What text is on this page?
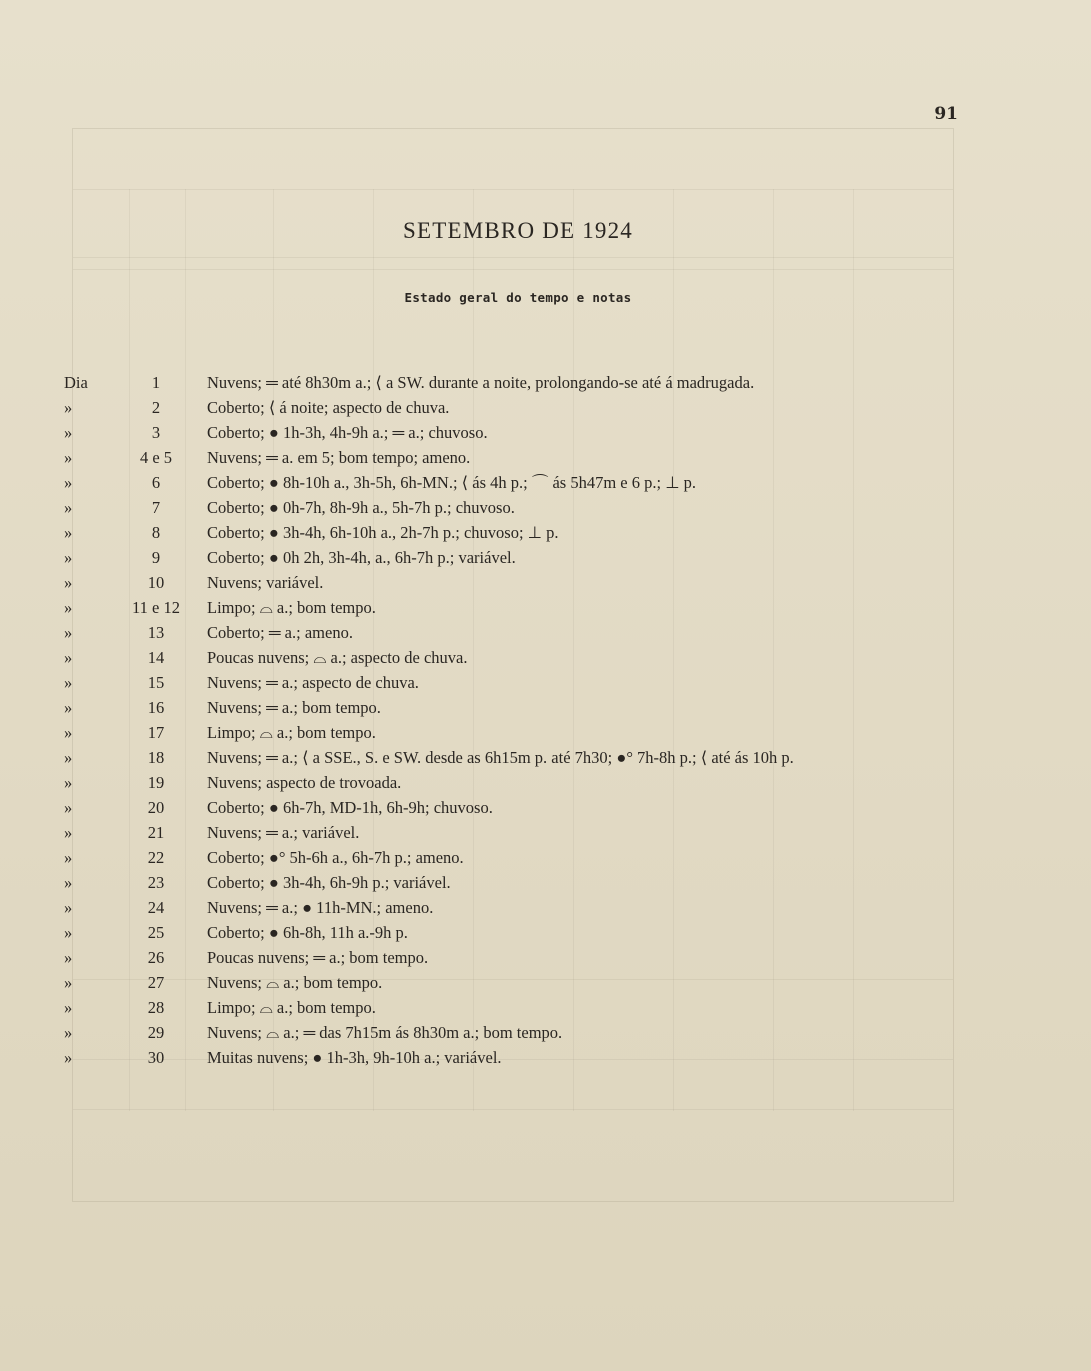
91
SETEMBRO DE 1924
Estado geral do tempo e notas
Dia	1	Nuvens; ═ até 8h30m a.; ⟨ a SW. durante a noite, prolongando-se até á madrugada.
»	2	Coberto; ⟨ á noite; aspecto de chuva.
»	3	Coberto; ● 1h-3h, 4h-9h a.; ═ a.; chuvoso.
»	4 e 5	Nuvens; ═ a. em 5; bom tempo; ameno.
»	6	Coberto; ● 8h-10h a., 3h-5h, 6h-MN.; ⟨ ás 4h p.; ⌒ ás 5h47m e 6 p.; ⊥ p.
»	7	Coberto; ● 0h-7h, 8h-9h a., 5h-7h p.; chuvoso.
»	8	Coberto; ● 3h-4h, 6h-10h a., 2h-7h p.; chuvoso; ⊥ p.
»	9	Coberto; ● 0h 2h, 3h-4h, a., 6h-7h p.; variável.
»	10	Nuvens; variável.
»	11 e 12	Limpo; ⌓ a.; bom tempo.
»	13	Coberto; ═ a.; ameno.
»	14	Poucas nuvens; ⌓ a.; aspecto de chuva.
»	15	Nuvens; ═ a.; aspecto de chuva.
»	16	Nuvens; ═ a.; bom tempo.
»	17	Limpo; ⌓ a.; bom tempo.
»	18	Nuvens; ═ a.; ⟨ a SSE., S. e SW. desde as 6h15m p. até 7h30; ●° 7h-8h p.; ⟨ até ás 10h p.
»	19	Nuvens; aspecto de trovoada.
»	20	Coberto; ● 6h-7h, MD-1h, 6h-9h; chuvoso.
»	21	Nuvens; ═ a.; variável.
»	22	Coberto; ●° 5h-6h a., 6h-7h p.; ameno.
»	23	Coberto; ● 3h-4h, 6h-9h p.; variável.
»	24	Nuvens; ═ a.; ● 11h-MN.; ameno.
»	25	Coberto; ● 6h-8h, 11h a.-9h p.
»	26	Poucas nuvens; ═ a.; bom tempo.
»	27	Nuvens; ⌓ a.; bom tempo.
»	28	Limpo; ⌓ a.; bom tempo.
»	29	Nuvens; ⌓ a.; ═ das 7h15m ás 8h30m a.; bom tempo.
»	30	Muitas nuvens; ● 1h-3h, 9h-10h a.; variável.
